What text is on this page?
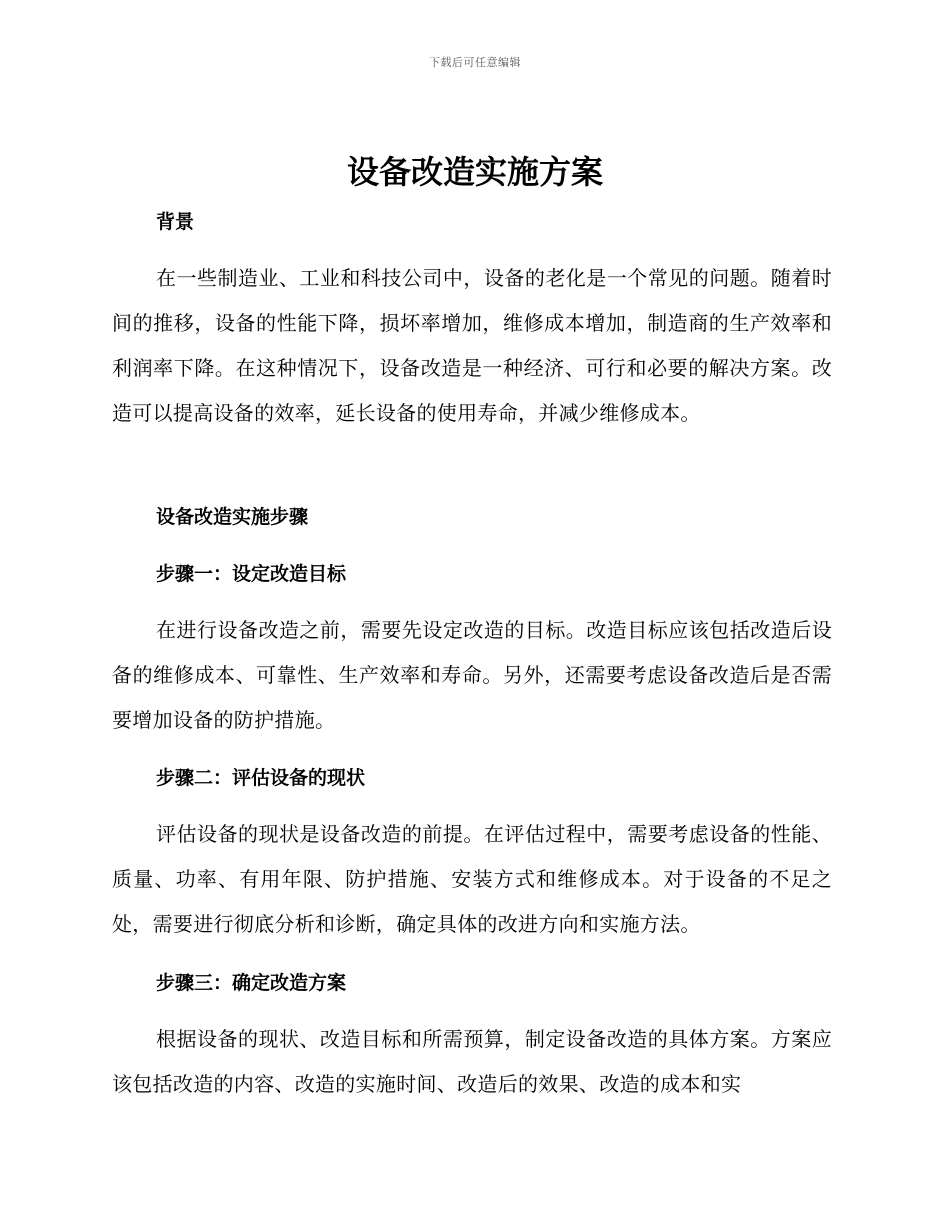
下载后可任意编辑
设备改造实施方案
背景
在一些制造业、工业和科技公司中，设备的老化是一个常见的问题。随着时间的推移，设备的性能下降，损坏率增加，维修成本增加，制造商的生产效率和利润率下降。在这种情况下，设备改造是一种经济、可行和必要的解决方案。改造可以提高设备的效率，延长设备的使用寿命，并减少维修成本。
设备改造实施步骤
步骤一：设定改造目标
在进行设备改造之前，需要先设定改造的目标。改造目标应该包括改造后设备的维修成本、可靠性、生产效率和寿命。另外，还需要考虑设备改造后是否需要增加设备的防护措施。
步骤二：评估设备的现状
评估设备的现状是设备改造的前提。在评估过程中，需要考虑设备的性能、质量、功率、有用年限、防护措施、安装方式和维修成本。对于设备的不足之处，需要进行彻底分析和诊断，确定具体的改进方向和实施方法。
步骤三：确定改造方案
根据设备的现状、改造目标和所需预算，制定设备改造的具体方案。方案应该包括改造的内容、改造的实施时间、改造后的效果、改造的成本和实
